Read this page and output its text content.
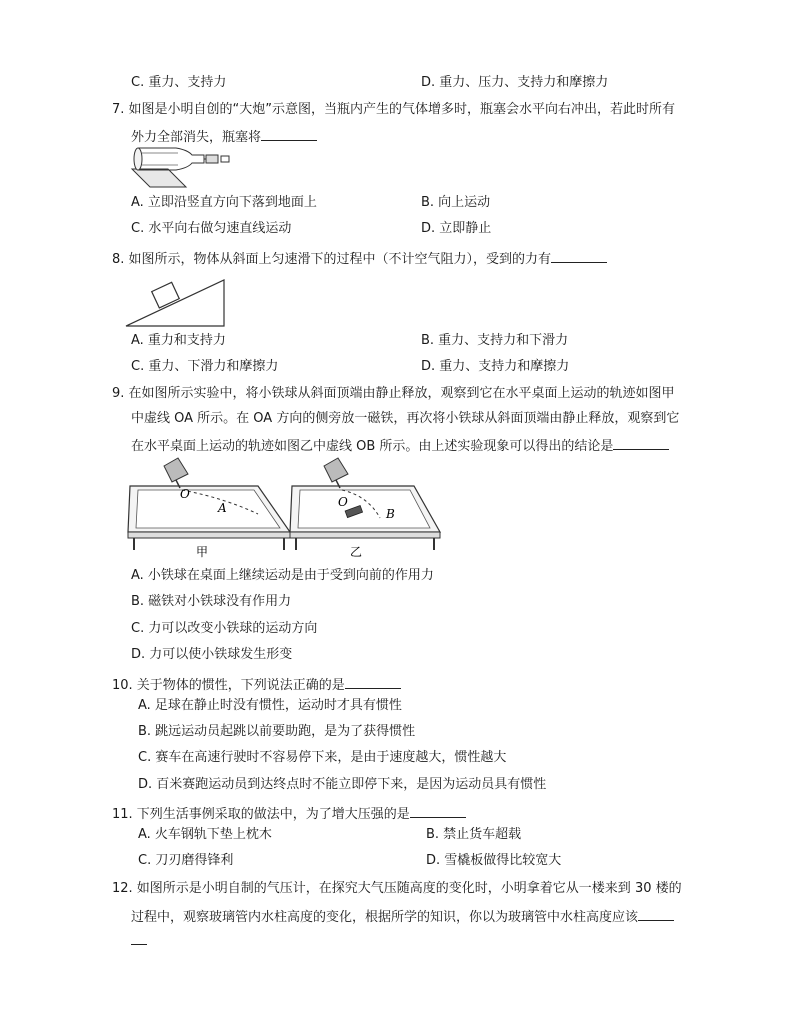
C. 重力、支持力	D. 重力、压力、支持力和摩擦力
7. 如图是小明自创的“大炮”示意图，当瓶内产生的气体增多时，瓶塞会水平向右冲出，若此时所有
外力全部消失，瓶塞将
A. 立即沿竖直方向下落到地面上	B. 向上运动
C. 水平向右做匀速直线运动	D. 立即静止
8. 如图所示，物体从斜面上匀速滑下的过程中（不计空气阻力），受到的力有
A. 重力和支持力	B. 重力、支持力和下滑力
C. 重力、下滑力和摩擦力	D. 重力、支持力和摩擦力
9. 在如图所示实验中，将小铁球从斜面顶端由静止释放，观察到它在水平桌面上运动的轨迹如图甲
中虚线 OA 所示。在 OA 方向的侧旁放一磁铁，再次将小铁球从斜面顶端由静止释放，观察到它
在水平桌面上运动的轨迹如图乙中虚线 OB 所示。由上述实验现象可以得出的结论是
O
A
甲
O
B
乙
A. 小铁球在桌面上继续运动是由于受到向前的作用力
B. 磁铁对小铁球没有作用力
C. 力可以改变小铁球的运动方向
D. 力可以使小铁球发生形变
10. 关于物体的惯性，下列说法正确的是
A. 足球在静止时没有惯性，运动时才具有惯性
B. 跳远运动员起跳以前要助跑，是为了获得惯性
C. 赛车在高速行驶时不容易停下来，是由于速度越大，惯性越大
D. 百米赛跑运动员到达终点时不能立即停下来，是因为运动员具有惯性
11. 下列生活事例采取的做法中，为了增大压强的是
A. 火车钢轨下垫上枕木	B. 禁止货车超载
C. 刀刃磨得锋利	D. 雪橇板做得比较宽大
12. 如图所示是小明自制的气压计，在探究大气压随高度的变化时，小明拿着它从一楼来到 30 楼的
过程中，观察玻璃管内水柱高度的变化，根据所学的知识，你以为玻璃管中水柱高度应该
